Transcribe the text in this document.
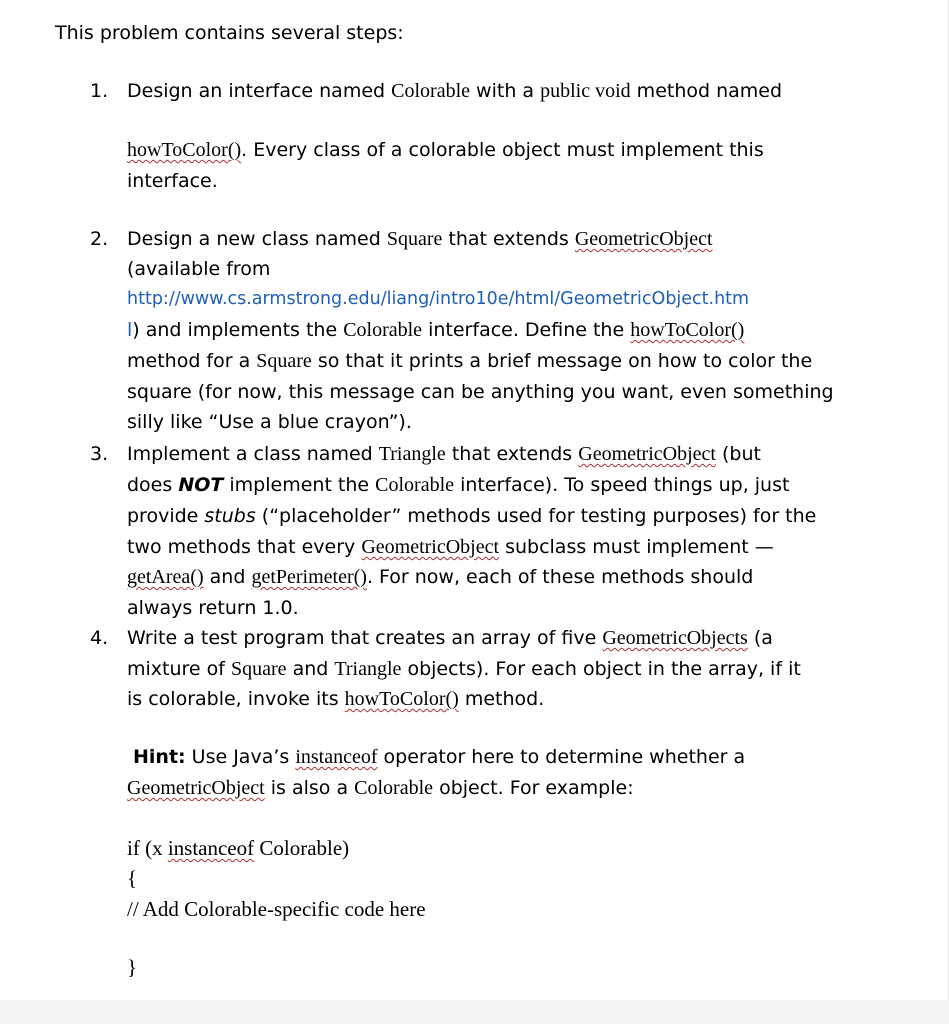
This problem contains several steps:
1. Design an interface named Colorable with a public void method named
howToColor(). Every class of a colorable object must implement this
interface.
2. Design a new class named Square that extends GeometricObject
(available from
http://www.cs.armstrong.edu/liang/intro10e/html/GeometricObject.htm
l) and implements the Colorable interface. Define the howToColor()
method for a Square so that it prints a brief message on how to color the
square (for now, this message can be anything you want, even something
silly like “Use a blue crayon”).
3. Implement a class named Triangle that extends GeometricObject (but
does NOT implement the Colorable interface). To speed things up, just
provide stubs (“placeholder” methods used for testing purposes) for the
two methods that every GeometricObject subclass must implement —
getArea() and getPerimeter(). For now, each of these methods should
always return 1.0.
4. Write a test program that creates an array of five GeometricObjects (a
mixture of Square and Triangle objects). For each object in the array, if it
is colorable, invoke its howToColor() method.
Hint: Use Java’s instanceof operator here to determine whether a
GeometricObject is also a Colorable object. For example:
if (x instanceof Colorable)
{
// Add Colorable-specific code here
}
